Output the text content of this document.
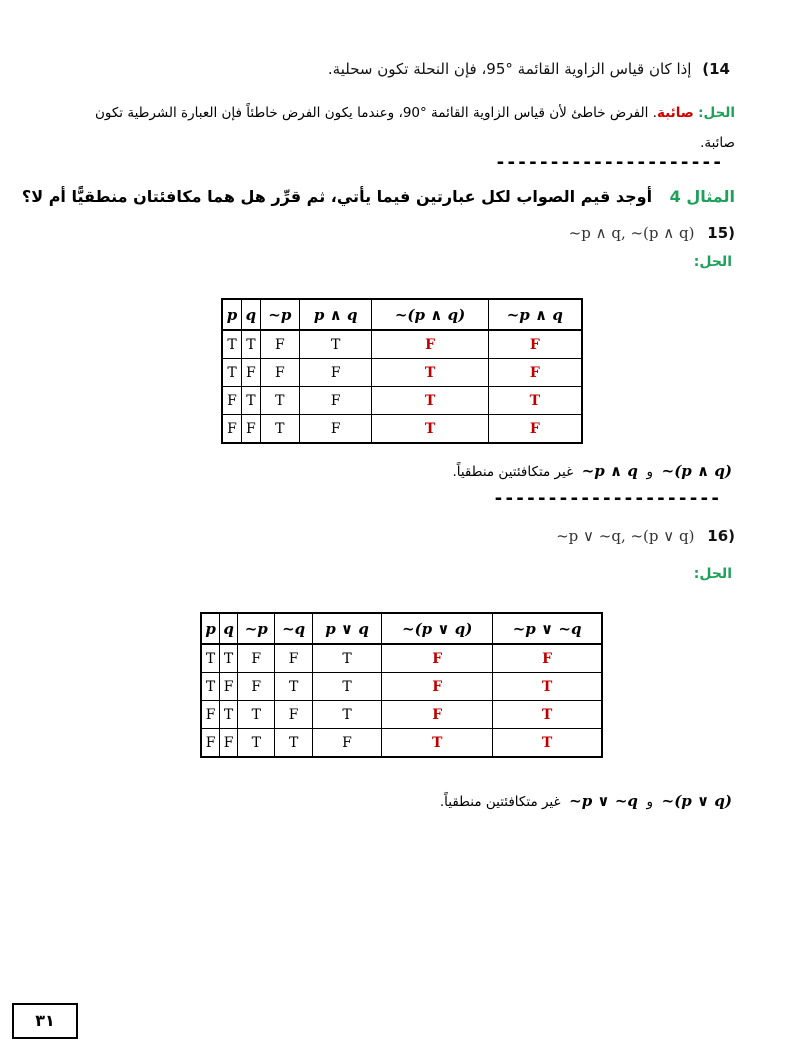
14) إذا كان قياس الزاوية القائمة °95، فإن النحلة تكون سحلية.
الحل: صائبة. الفرض خاطئ لأن قياس الزاوية القائمة °90، وعندما يكون الفرض خاطئاً فإن العبارة الشرطية تكون صائبة.
---------------------
المثال 4 أوجد قيم الصواب لكل عبارتين فيما يأتي، ثم قرِّر هل هما مكافئتان منطقيًّا أم لا؟
~p ∧ q, ~(p ∧ q) 15)
الحل:
p	q	~p	p ∧ q	~(p ∧ q)	~p ∧ q
T	T	F	T	F	F
T	F	F	F	T	F
F	T	T	F	T	T
F	F	T	F	T	F
~(p ∧ q)  و  ~p ∧ q  غير متكافئتين منطقياً.
---------------------
~p ∨ ~q, ~(p ∨ q) 16)
الحل:
p	q	~p	~q	p ∨ q	~(p ∨ q)	~p ∨ ~q
T	T	F	F	T	F	F
T	F	F	T	T	F	T
F	T	T	F	T	F	T
F	F	T	T	F	T	T
~(p ∨ q)  و  ~p ∨ ~q  غير متكافئتين منطقياً.
٣١
